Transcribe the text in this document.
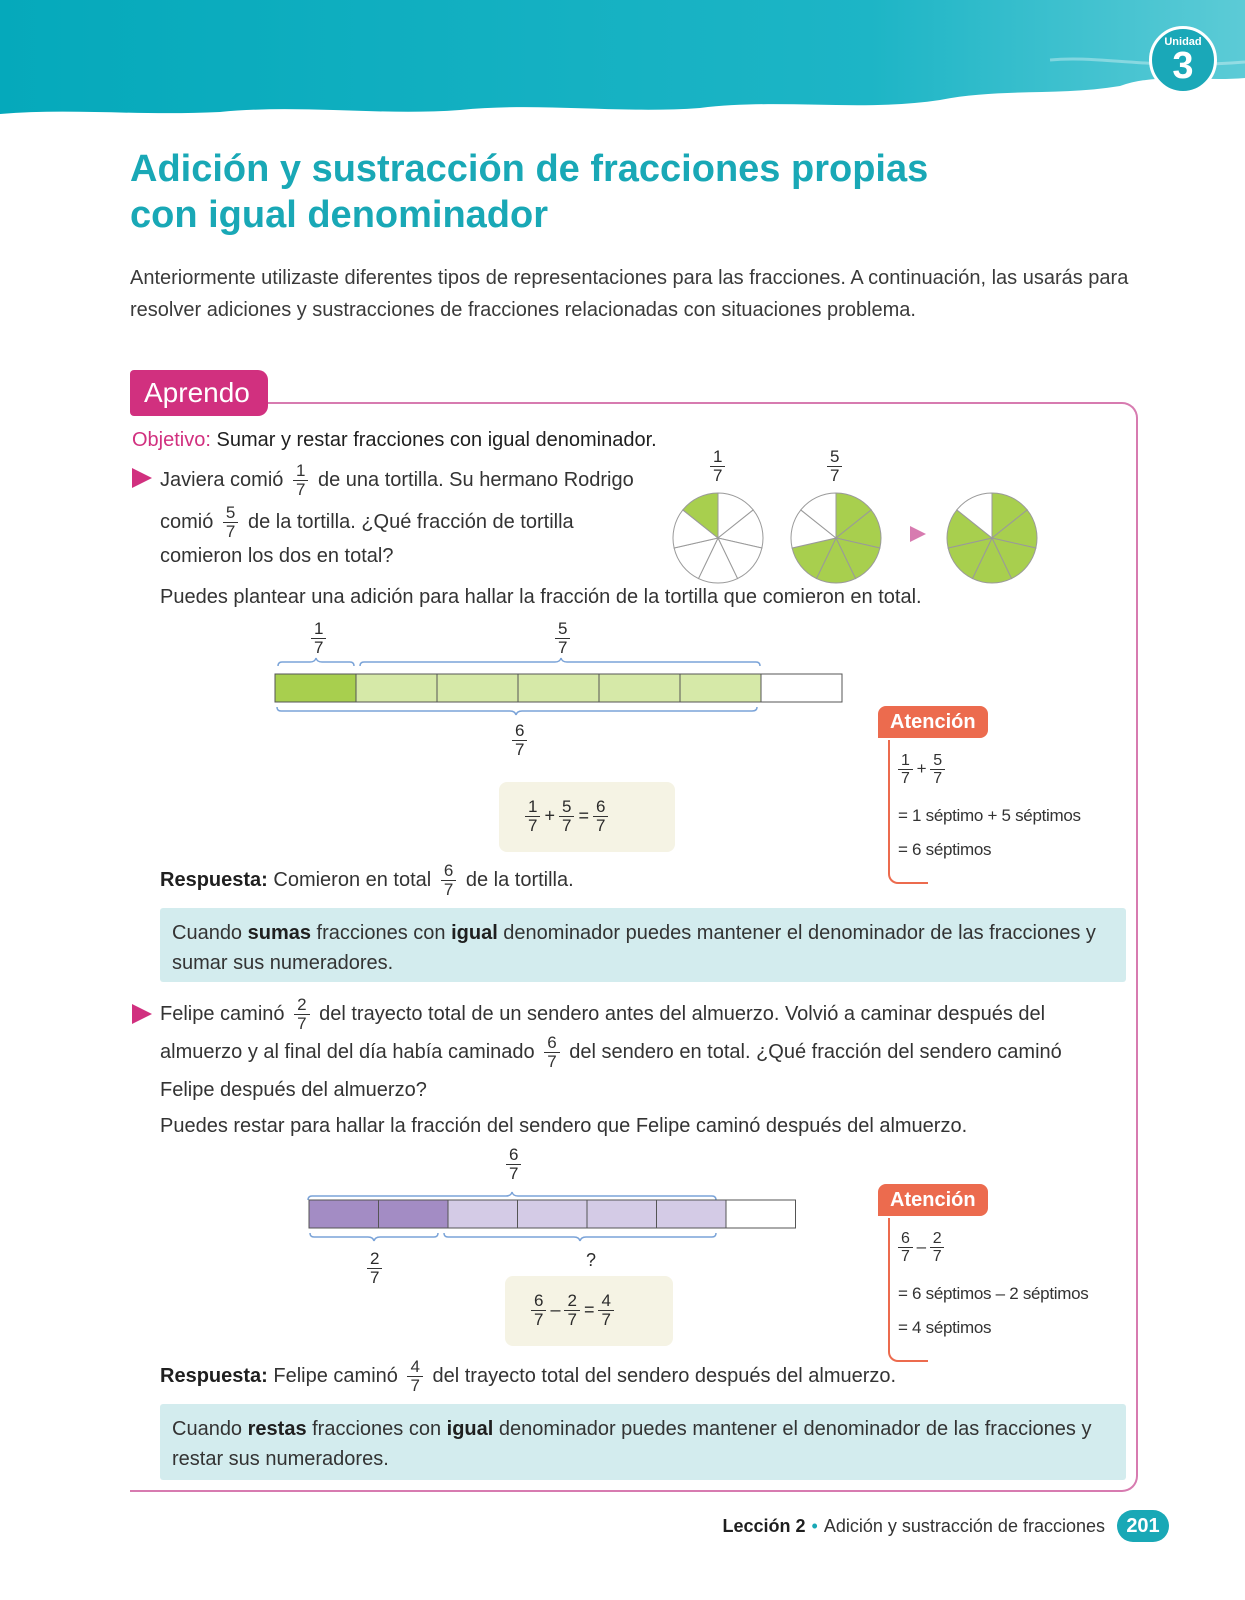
Unidad
3
Adición y sustracción de fracciones propias
con igual denominador

Anteriormente utilizaste diferentes tipos de representaciones para las fracciones. A continuación, las usarás para resolver adiciones y sustracciones de fracciones relacionadas con situaciones problema.

Aprendo
Objetivo: Sumar y restar fracciones con igual denominador.
Javiera comió $\frac{1}{7}$ de una tortilla. Su hermano Rodrigo
comió $\frac{5}{7}$ de la tortilla. ¿Qué fracción de tortilla
comieron los dos en total?
$\frac{1}{7}$	$\frac{5}{7}$
Puedes plantear una adición para hallar la fracción de la tortilla que comieron en total.
$\frac{1}{7}$	$\frac{5}{7}$
$\frac{6}{7}$
$\frac{1}{7} + \frac{5}{7} = \frac{6}{7}$
Respuesta: Comieron en total $\frac{6}{7}$ de la tortilla.
Atención
$\frac{1}{7} + \frac{5}{7}$
= 1 séptimo + 5 séptimos
= 6 séptimos
Cuando sumas fracciones con igual denominador puedes mantener el denominador de las fracciones y sumar sus numeradores.
Felipe caminó $\frac{2}{7}$ del trayecto total de un sendero antes del almuerzo. Volvió a caminar después del
almuerzo y al final del día había caminado $\frac{6}{7}$ del sendero en total. ¿Qué fracción del sendero caminó
Felipe después del almuerzo?
Puedes restar para hallar la fracción del sendero que Felipe caminó después del almuerzo.
$\frac{6}{7}$
$\frac{2}{7}$	?
$\frac{6}{7} - \frac{2}{7} = \frac{4}{7}$
Respuesta: Felipe caminó $\frac{4}{7}$ del trayecto total del sendero después del almuerzo.
Atención
$\frac{6}{7} - \frac{2}{7}$
= 6 séptimos – 2 séptimos
= 4 séptimos
Cuando restas fracciones con igual denominador puedes mantener el denominador de las fracciones y restar sus numeradores.
Lección 2 • Adición y sustracción de fracciones	201
